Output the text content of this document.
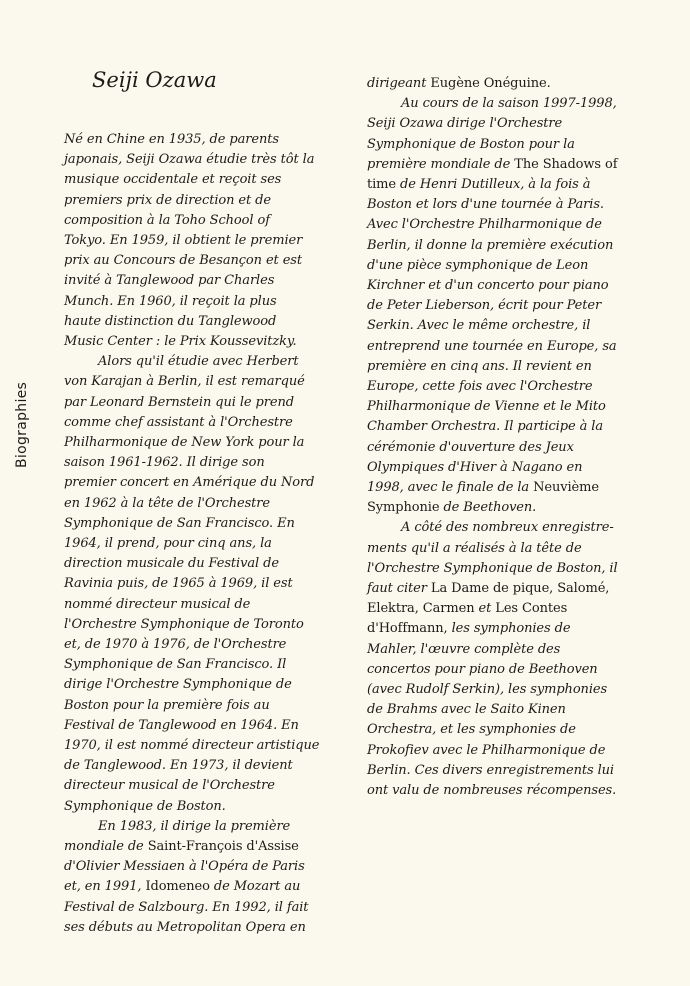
Biographies
Seiji Ozawa
Né en Chine en 1935, de parents
japonais, Seiji Ozawa étudie très tôt la
musique occidentale et reçoit ses
premiers prix de direction et de
composition à la Toho School of
Tokyo. En 1959, il obtient le premier
prix au Concours de Besançon et est
invité à Tanglewood par Charles
Munch. En 1960, il reçoit la plus
haute distinction du Tanglewood
Music Center : le Prix Koussevitzky.
Alors qu'il étudie avec Herbert
von Karajan à Berlin, il est remarqué
par Leonard Bernstein qui le prend
comme chef assistant à l'Orchestre
Philharmonique de New York pour la
saison 1961-1962. Il dirige son
premier concert en Amérique du Nord
en 1962 à la tête de l'Orchestre
Symphonique de San Francisco. En
1964, il prend, pour cinq ans, la
direction musicale du Festival de
Ravinia puis, de 1965 à 1969, il est
nommé directeur musical de
l'Orchestre Symphonique de Toronto
et, de 1970 à 1976, de l'Orchestre
Symphonique de San Francisco. Il
dirige l'Orchestre Symphonique de
Boston pour la première fois au
Festival de Tanglewood en 1964. En
1970, il est nommé directeur artistique
de Tanglewood. En 1973, il devient
directeur musical de l'Orchestre
Symphonique de Boston.
En 1983, il dirige la première
mondiale de Saint-François d'Assise
d'Olivier Messiaen à l'Opéra de Paris
et, en 1991, Idomeneo de Mozart au
Festival de Salzbourg. En 1992, il fait
ses débuts au Metropolitan Opera en
dirigeant Eugène Onéguine.
Au cours de la saison 1997-1998,
Seiji Ozawa dirige l'Orchestre
Symphonique de Boston pour la
première mondiale de The Shadows of
time de Henri Dutilleux, à la fois à
Boston et lors d'une tournée à Paris.
Avec l'Orchestre Philharmonique de
Berlin, il donne la première exécution
d'une pièce symphonique de Leon
Kirchner et d'un concerto pour piano
de Peter Lieberson, écrit pour Peter
Serkin. Avec le même orchestre, il
entreprend une tournée en Europe, sa
première en cinq ans. Il revient en
Europe, cette fois avec l'Orchestre
Philharmonique de Vienne et le Mito
Chamber Orchestra. Il participe à la
cérémonie d'ouverture des Jeux
Olympiques d'Hiver à Nagano en
1998, avec le finale de la Neuvième
Symphonie de Beethoven.
A côté des nombreux enregistre-
ments qu'il a réalisés à la tête de
l'Orchestre Symphonique de Boston, il
faut citer La Dame de pique, Salomé,
Elektra, Carmen et Les Contes
d'Hoffmann, les symphonies de
Mahler, l'œuvre complète des
concertos pour piano de Beethoven
(avec Rudolf Serkin), les symphonies
de Brahms avec le Saito Kinen
Orchestra, et les symphonies de
Prokofiev avec le Philharmonique de
Berlin. Ces divers enregistrements lui
ont valu de nombreuses récompenses.
